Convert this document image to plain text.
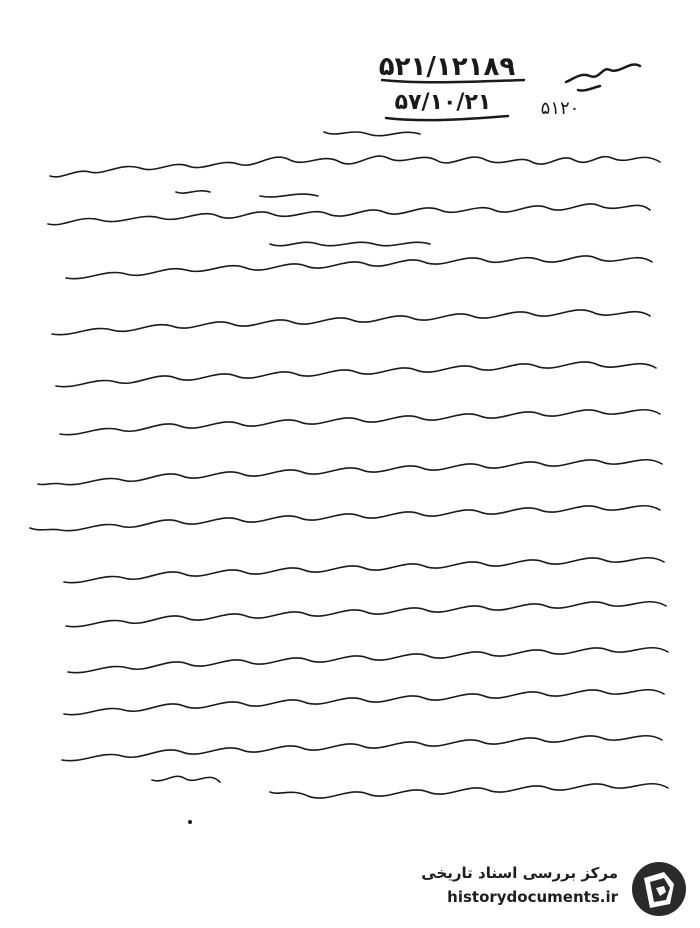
۵۲۱/۱۲۱۸۹
۵۷/۱۰/۲۱	۵۱۲۰
مرکز بررسی اسناد تاریخی
historydocuments.ir
